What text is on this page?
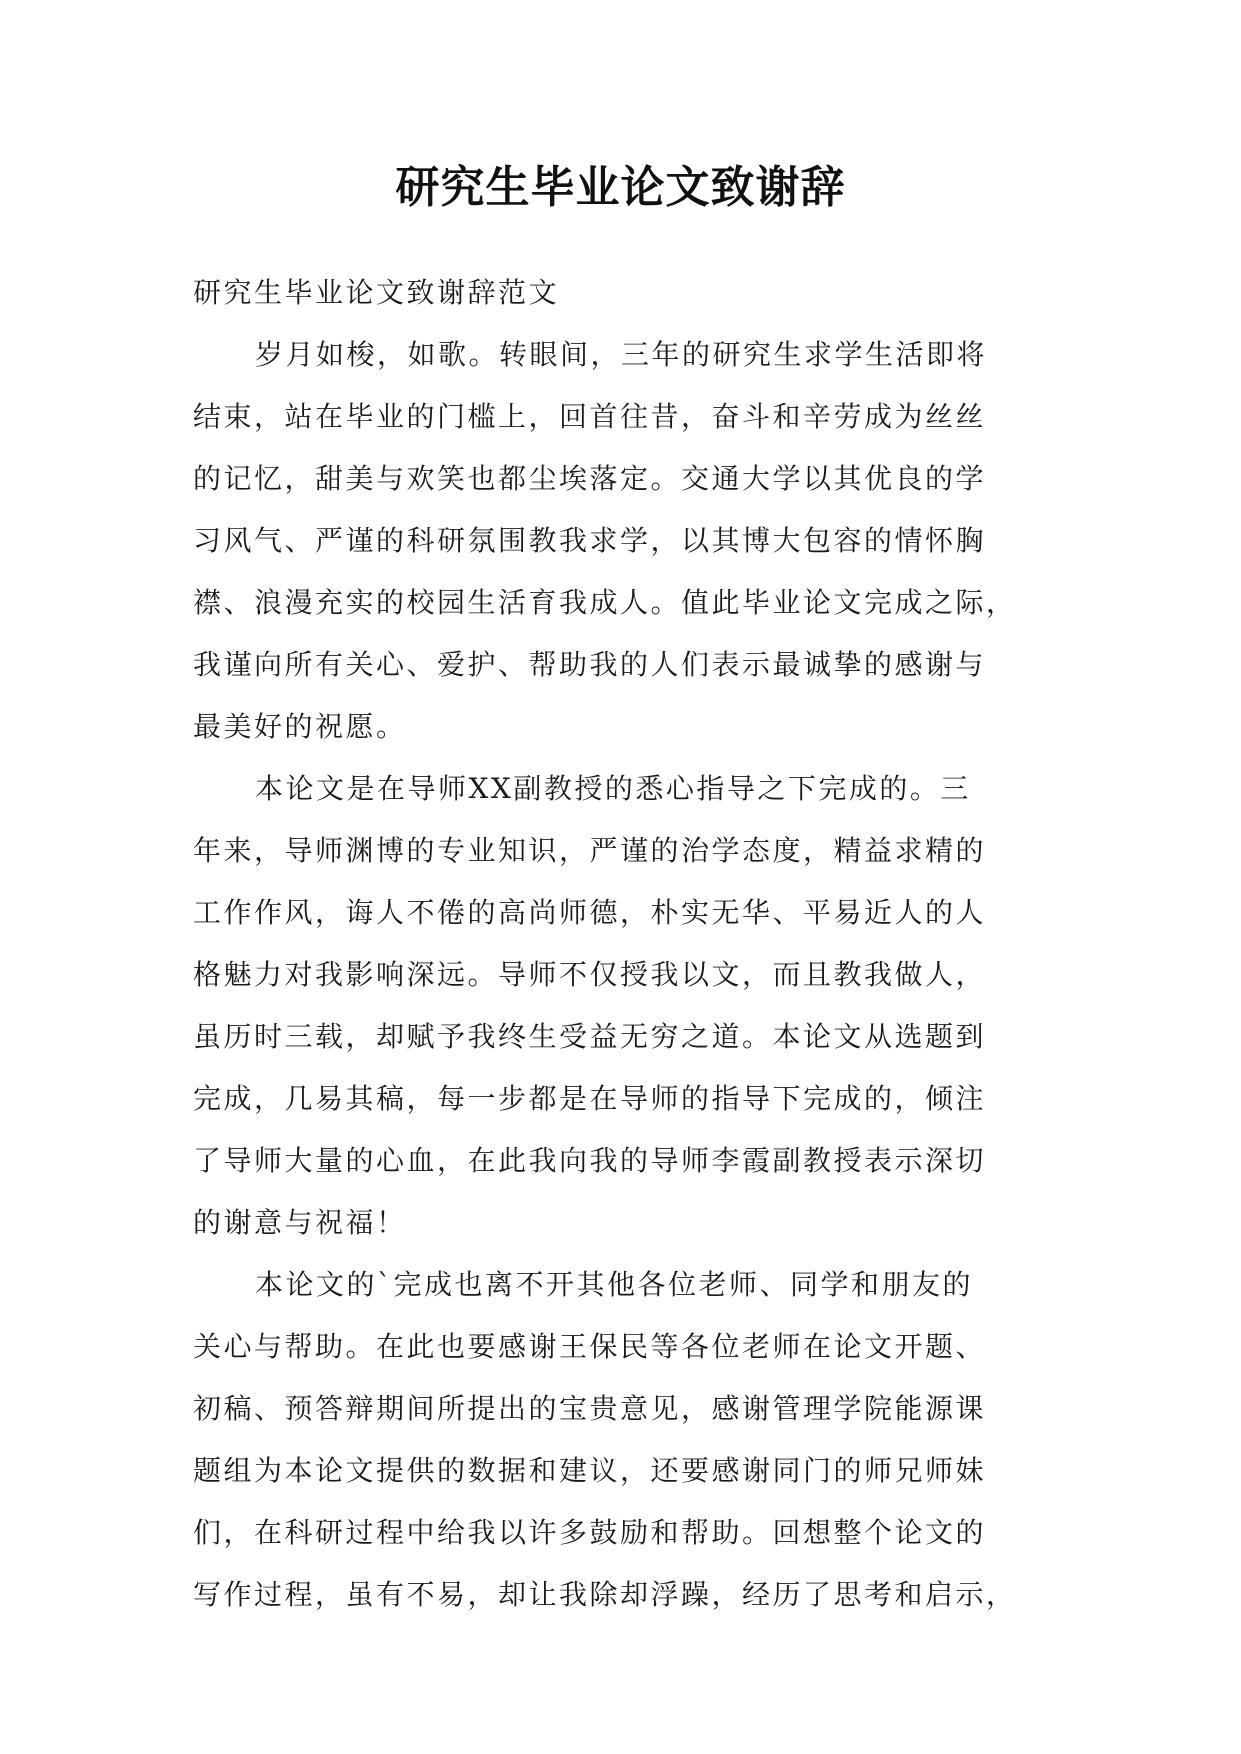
研究生毕业论文致谢辞
研究生毕业论文致谢辞范文
岁月如梭，如歌。转眼间，三年的研究生求学生活即将
结束，站在毕业的门槛上，回首往昔，奋斗和辛劳成为丝丝
的记忆，甜美与欢笑也都尘埃落定。交通大学以其优良的学
习风气、严谨的科研氛围教我求学，以其博大包容的情怀胸
襟、浪漫充实的校园生活育我成人。值此毕业论文完成之际，
我谨向所有关心、爱护、帮助我的人们表示最诚挚的感谢与
最美好的祝愿。
本论文是在导师XX副教授的悉心指导之下完成的。三
年来，导师渊博的专业知识，严谨的治学态度，精益求精的
工作作风，诲人不倦的高尚师德，朴实无华、平易近人的人
格魅力对我影响深远。导师不仅授我以文，而且教我做人，
虽历时三载，却赋予我终生受益无穷之道。本论文从选题到
完成，几易其稿，每一步都是在导师的指导下完成的，倾注
了导师大量的心血，在此我向我的导师李霞副教授表示深切
的谢意与祝福！
本论文的`完成也离不开其他各位老师、同学和朋友的
关心与帮助。在此也要感谢王保民等各位老师在论文开题、
初稿、预答辩期间所提出的宝贵意见，感谢管理学院能源课
题组为本论文提供的数据和建议，还要感谢同门的师兄师妹
们，在科研过程中给我以许多鼓励和帮助。回想整个论文的
写作过程，虽有不易，却让我除却浮躁，经历了思考和启示，
